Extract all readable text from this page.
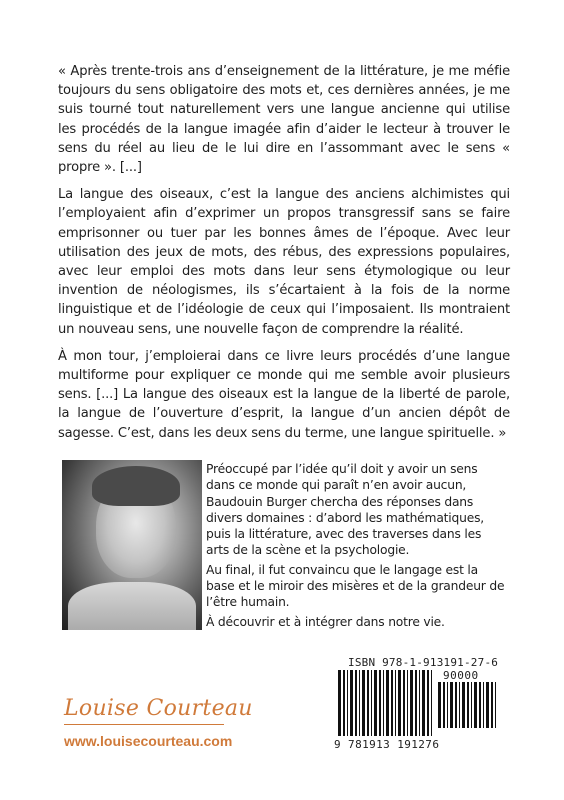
« Après trente-trois ans d’enseignement de la littérature, je me méfie toujours du sens obligatoire des mots et, ces dernières années, je me suis tourné tout naturellement vers une langue ancienne qui utilise les procédés de la langue imagée afin d’aider le lecteur à trouver le sens du réel au lieu de le lui dire en l’assommant avec le sens « propre ». [...]

La langue des oiseaux, c’est la langue des anciens alchimistes qui l’employaient afin d’exprimer un propos transgressif sans se faire emprisonner ou tuer par les bonnes âmes de l’époque. Avec leur utilisation des jeux de mots, des rébus, des expressions populaires, avec leur emploi des mots dans leur sens étymologique ou leur invention de néologismes, ils s’écartaient à la fois de la norme linguistique et de l’idéologie de ceux qui l’imposaient. Ils montraient un nouveau sens, une nouvelle façon de comprendre la réalité.

À mon tour, j’emploierai dans ce livre leurs procédés d’une langue multiforme pour expliquer ce monde qui me semble avoir plusieurs sens. [...] La langue des oiseaux est la langue de la liberté de parole, la langue de l’ouverture d’esprit, la langue d’un ancien dépôt de sagesse. C’est, dans les deux sens du terme, une langue spirituelle. »

Préoccupé par l’idée qu’il doit y avoir un sens dans ce monde qui paraît n’en avoir aucun, Baudouin Burger chercha des réponses dans divers domaines : d’abord les mathématiques, puis la littérature, avec des traverses dans les arts de la scène et la psychologie.

Au final, il fut convaincu que le langage est la base et le miroir des misères et de la grandeur de l’être humain.

À découvrir et à intégrer dans notre vie.

ISBN 978-1-913191-27-6
90000
9 781913 191276
Louise Courteau
www.louisecourteau.com
